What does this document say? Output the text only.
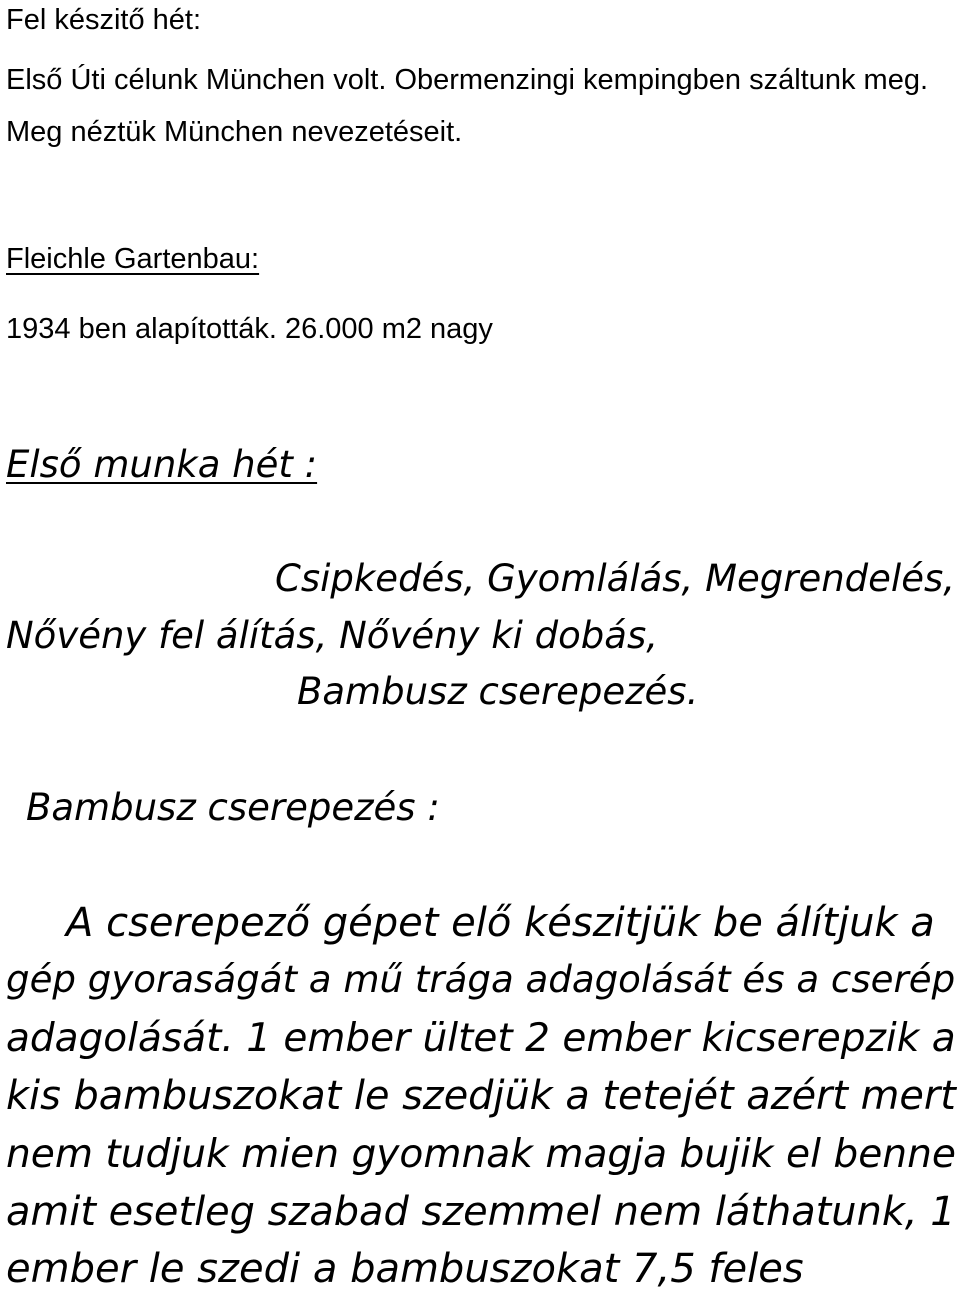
Fel készitő hét:

Első Úti célunk München volt. Obermenzingi kempingben száltunk meg.

Meg néztük München nevezetéseit.

Fleichle Gartenbau:

1934 ben alapították. 26.000 m2 nagy

Első munka hét :

Csipkedés, Gyomlálás, Megrendelés,

Nővény fel álítás, Nővény ki dobás,

Bambusz cserepezés.

Bambusz cserepezés :

A cserepező gépet elő készitjük be álítjuk a

gép gyoraságát a mű trága adagolását és a cserép

adagolását. 1 ember ültet 2 ember kicserepzik a

kis bambuszokat le szedjük a tetejét azért mert

nem tudjuk mien gyomnak magja bujik el benne

amit esetleg szabad szemmel nem láthatunk, 1

ember le szedi a bambuszokat 7,5 feles
